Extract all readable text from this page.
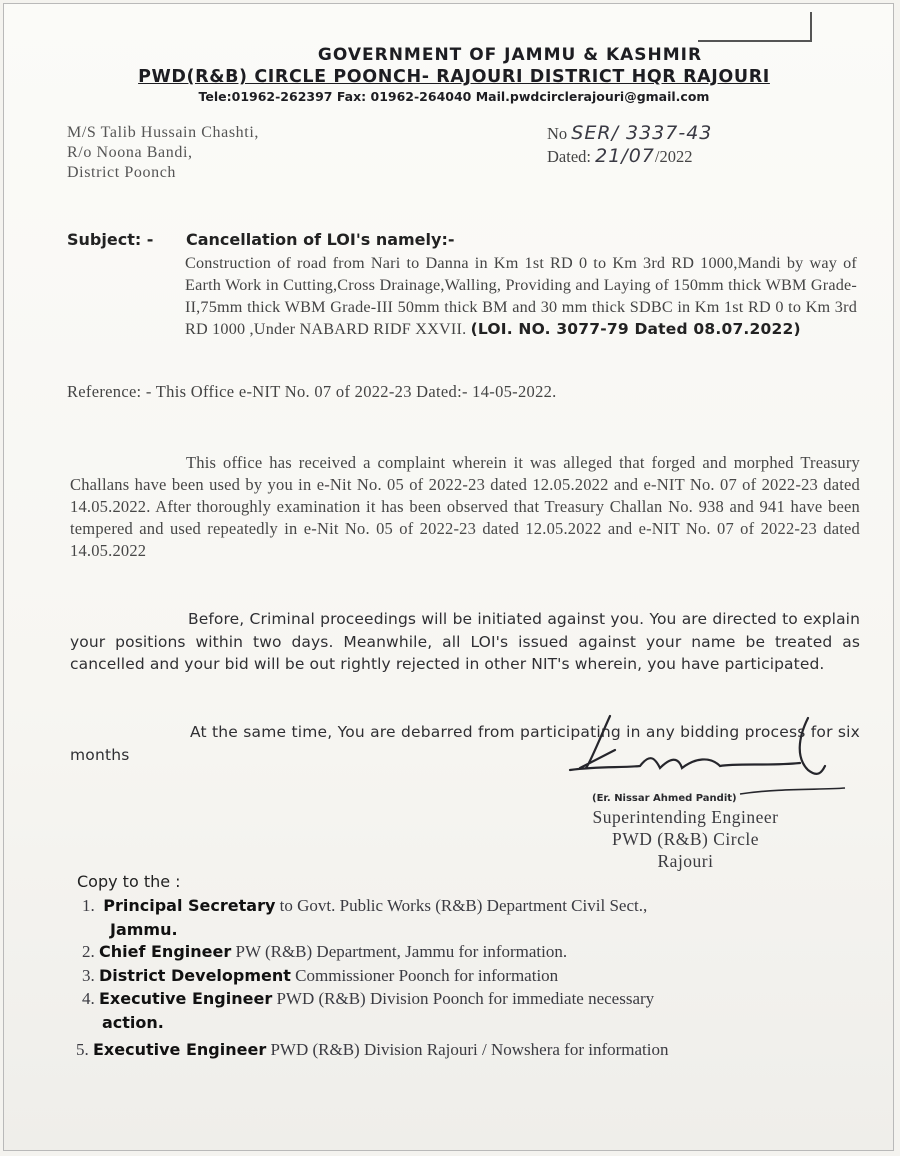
GOVERNMENT OF JAMMU & KASHMIR
PWD(R&B) CIRCLE POONCH- RAJOURI DISTRICT HQR RAJOURI
Tele:01962-262397 Fax: 01962-264040 Mail.pwdcirclerajouri@gmail.com
M/S Talib Hussain Chashti,
R/o Noona Bandi,
District Poonch
No SER/ 3337-43
Dated: 21/07/2022
Subject: - Cancellation of LOI's namely:-
Construction of road from Nari to Danna in Km 1st RD 0 to Km 3rd RD 1000,Mandi by way of Earth Work in Cutting,Cross Drainage,Walling, Providing and Laying of 150mm thick WBM Grade-II,75mm thick WBM Grade-III 50mm thick BM and 30 mm thick SDBC in Km 1st RD 0 to Km 3rd RD 1000 ,Under NABARD RIDF XXVII. (LOI. NO. 3077-79 Dated 08.07.2022)
Reference: - This Office e-NIT No. 07 of 2022-23 Dated:- 14-05-2022.
This office has received a complaint wherein it was alleged that forged and morphed Treasury Challans have been used by you in e-Nit No. 05 of 2022-23 dated 12.05.2022 and e-NIT No. 07 of 2022-23 dated 14.05.2022. After thoroughly examination it has been observed that Treasury Challan No. 938 and 941 have been tempered and used repeatedly in e-Nit No. 05 of 2022-23 dated 12.05.2022 and e-NIT No. 07 of 2022-23 dated 14.05.2022
Before, Criminal proceedings will be initiated against you. You are directed to explain your positions within two days. Meanwhile, all LOI's issued against your name be treated as cancelled and your bid will be out rightly rejected in other NIT's wherein, you have participated.
At the same time, You are debarred from participating in any bidding process for six months
(Er. Nissar Ahmed Pandit)
Superintending Engineer
PWD (R&B) Circle
Rajouri
Copy to the :
1. Principal Secretary to Govt. Public Works (R&B) Department Civil Sect.,
Jammu.
2. Chief Engineer PW (R&B) Department, Jammu for information.
3. District Development Commissioner Poonch for information
4. Executive Engineer PWD (R&B) Division Poonch for immediate necessary
action.
5. Executive Engineer PWD (R&B) Division Rajouri / Nowshera for information
